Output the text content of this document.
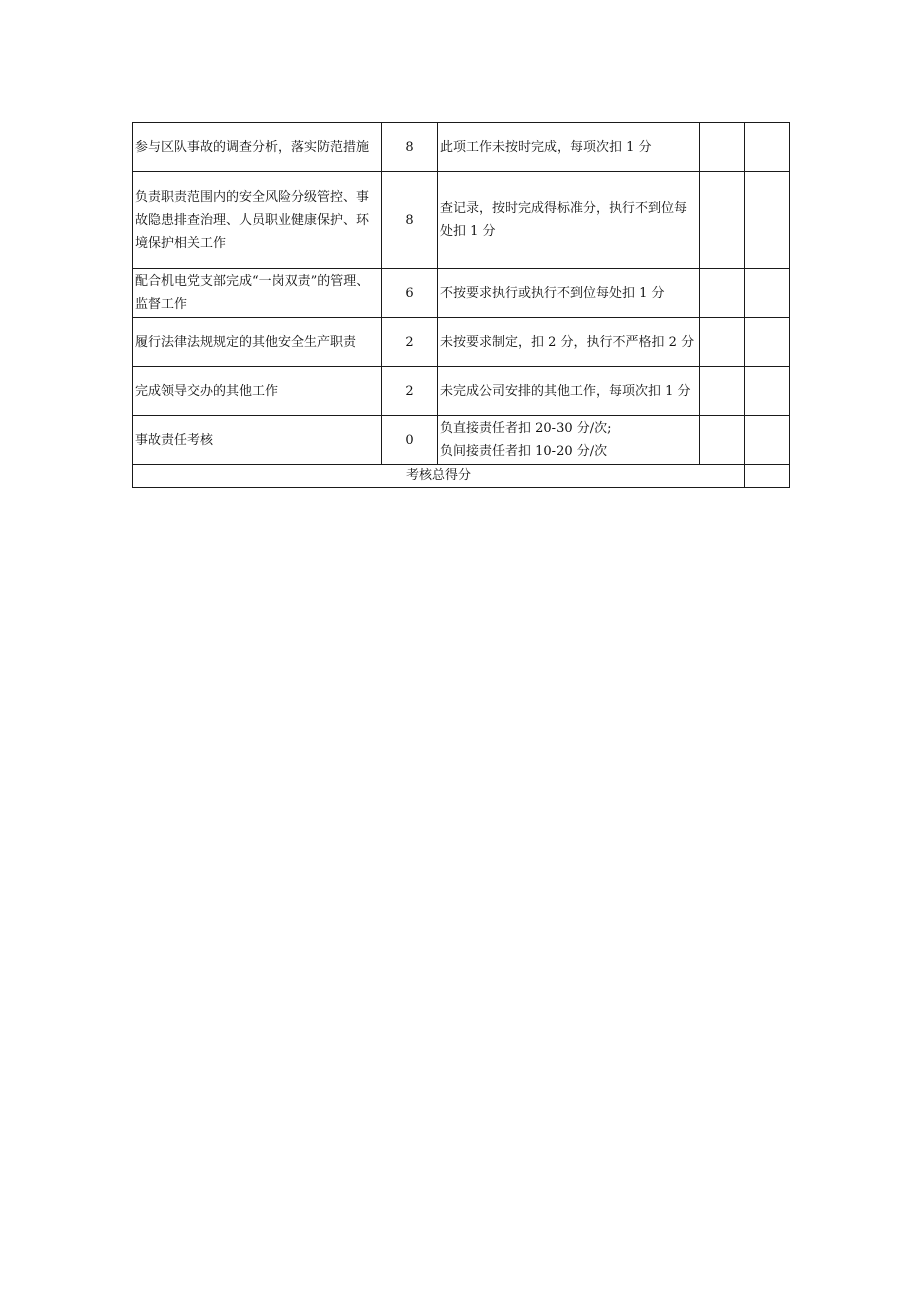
参与区队事故的调查分析，落实防范措施	8	此项工作未按时完成，每项次扣 1 分		
负责职责范围内的安全风险分级管控、事故隐患排查治理、人员职业健康保护、环境保护相关工作	8	查记录，按时完成得标准分，执行不到位每处扣 1 分		
配合机电党支部完成“一岗双责”的管理、监督工作	6	不按要求执行或执行不到位每处扣 1 分		
履行法律法规规定的其他安全生产职责	2	未按要求制定，扣 2 分，执行不严格扣 2 分		
完成领导交办的其他工作	2	未完成公司安排的其他工作，每项次扣 1 分		
事故责任考核	0	负直接责任者扣 20-30 分/次;
负间接责任者扣 10-20 分/次		

考核总得分				
